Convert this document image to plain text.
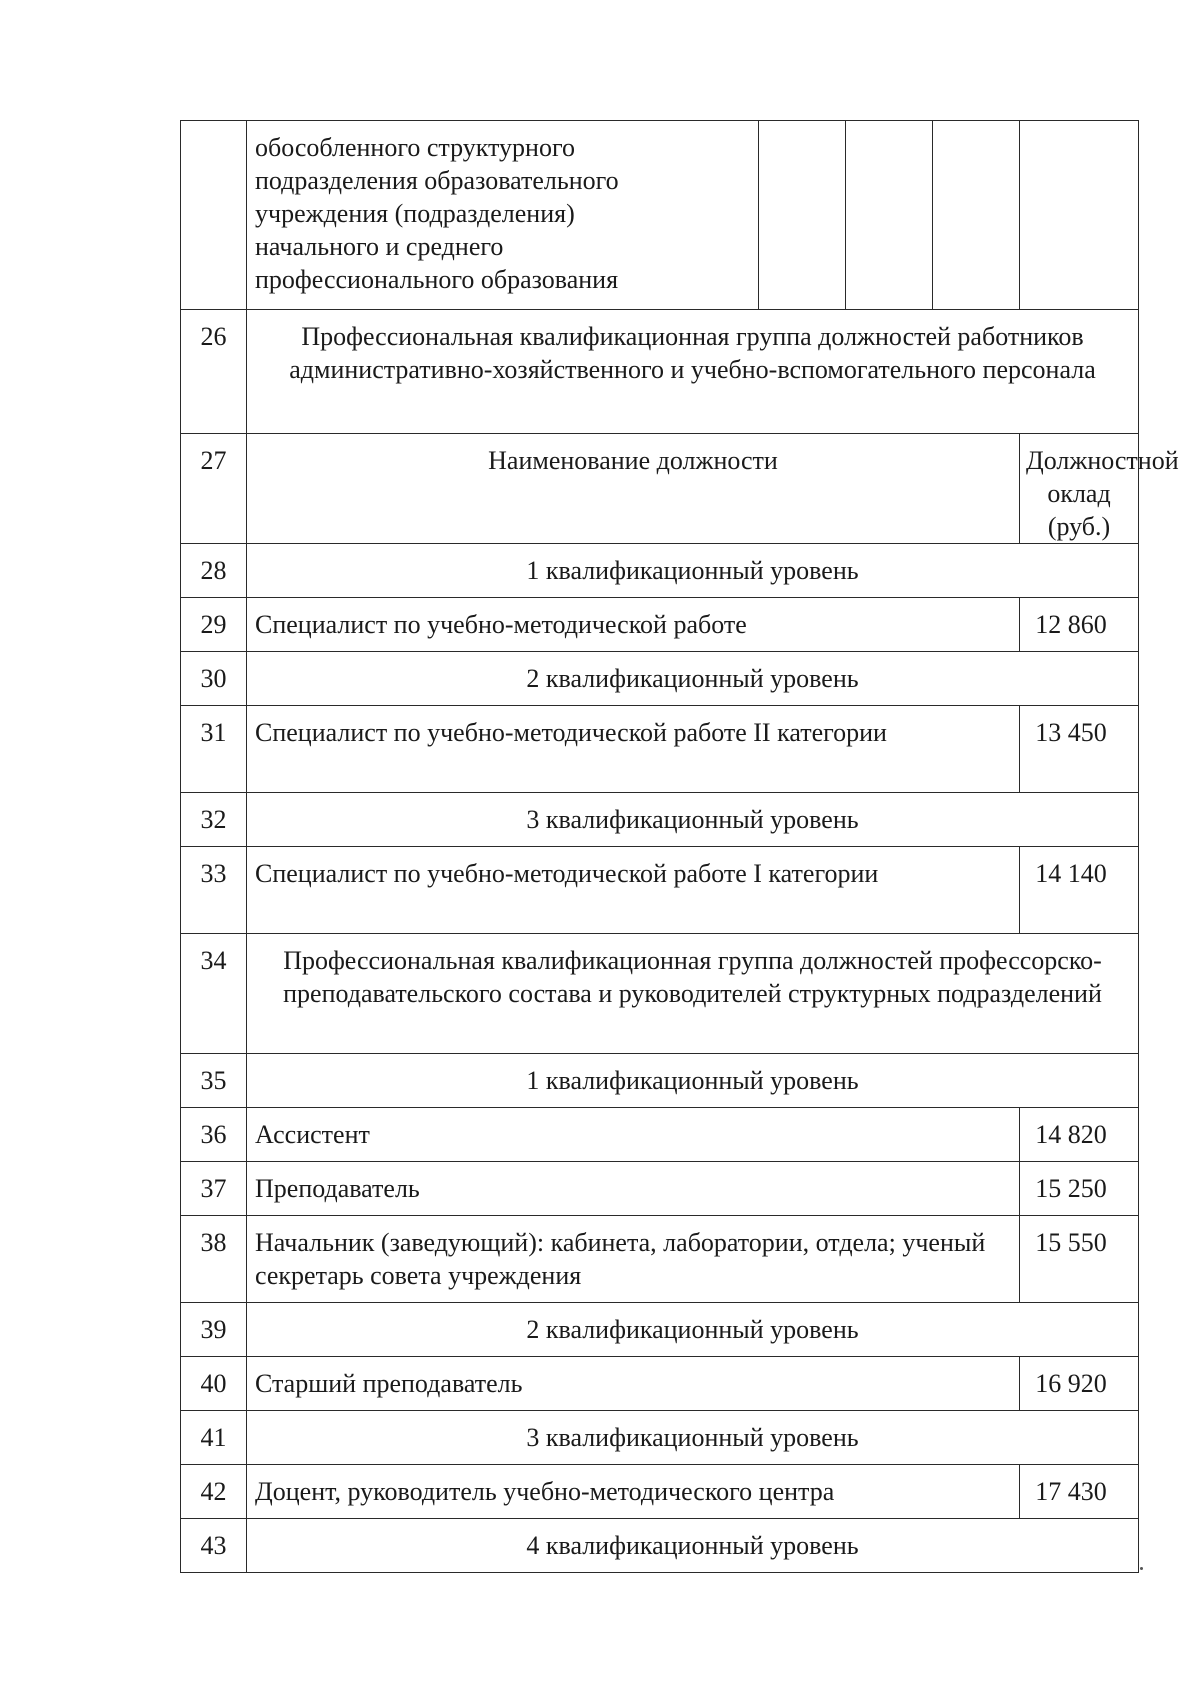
	обособленного структурного
подразделения образовательного
учреждения (подразделения)
начального и среднего
профессионального образования				

26	Профессиональная квалификационная группа должностей работников административно-хозяйственного и учебно-вспомогательного персонала				
27	Наименование должности				Должностной оклад (руб.)
28	1 квалификационный уровень				
29	Специалист по учебно-методической работе				12 860
30	2 квалификационный уровень				
31	Специалист по учебно-методической работе II категории				13 450
32	3 квалификационный уровень				
33	Специалист по учебно-методической работе I категории				14 140
34	Профессиональная квалификационная группа должностей профессорско-преподавательского состава и руководителей структурных подразделений				
35	1 квалификационный уровень				
36	Ассистент				14 820
37	Преподаватель				15 250
38	Начальник (заведующий): кабинета, лаборатории, отдела; ученый секретарь совета учреждения				15 550
39	2 квалификационный уровень				
40	Старший преподаватель				16 920
41	3 квалификационный уровень				
42	Доцент, руководитель учебно-методического центра				17 430
43	4 квалификационный уровень				
